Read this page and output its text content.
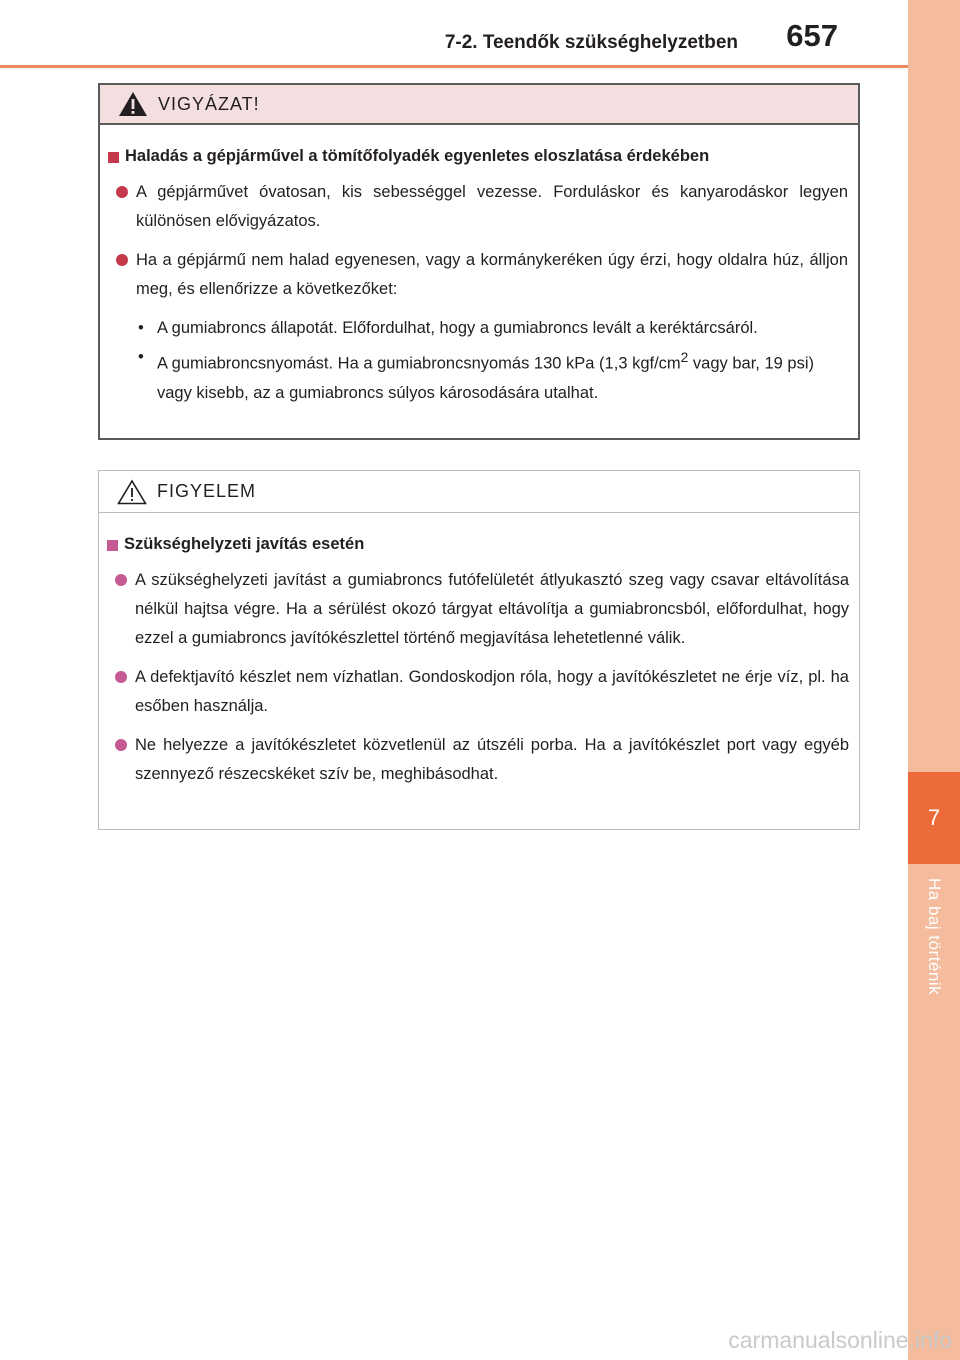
7
Ha baj történik
7-2. Teendők szükséghelyzetben 657
VIGYÁZAT!
Haladás a gépjárművel a tömítőfolyadék egyenletes eloszlatása érdekében
A gépjárművet óvatosan, kis sebességgel vezesse. Forduláskor és kanyarodáskor legyen különösen elővigyázatos.
Ha a gépjármű nem halad egyenesen, vagy a kormánykeréken úgy érzi, hogy oldalra húz, álljon meg, és ellenőrizze a következőket:
• A gumiabroncs állapotát. Előfordulhat, hogy a gumiabroncs levált a keréktárcsáról.
• A gumiabroncsnyomást. Ha a gumiabroncsnyomás 130 kPa (1,3 kgf/$cm^2$ vagy bar, 19 psi) vagy kisebb, az a gumiabroncs súlyos károsodására utalhat.
FIGYELEM
Szükséghelyzeti javítás esetén
A szükséghelyzeti javítást a gumiabroncs futófelületét átlyukasztó szeg vagy csavar eltávolítása nélkül hajtsa végre. Ha a sérülést okozó tárgyat eltávolítja a gumiabroncsból, előfordulhat, hogy ezzel a gumiabroncs javítókészlettel történő megjavítása lehetetlenné válik.
A defektjavító készlet nem vízhatlan. Gondoskodjon róla, hogy a javítókészletet ne érje víz, pl. ha esőben használja.
Ne helyezze a javítókészletet közvetlenül az útszéli porba. Ha a javítókészlet port vagy egyéb szennyező részecskéket szív be, meghibásodhat.
carmanualsonline.info
